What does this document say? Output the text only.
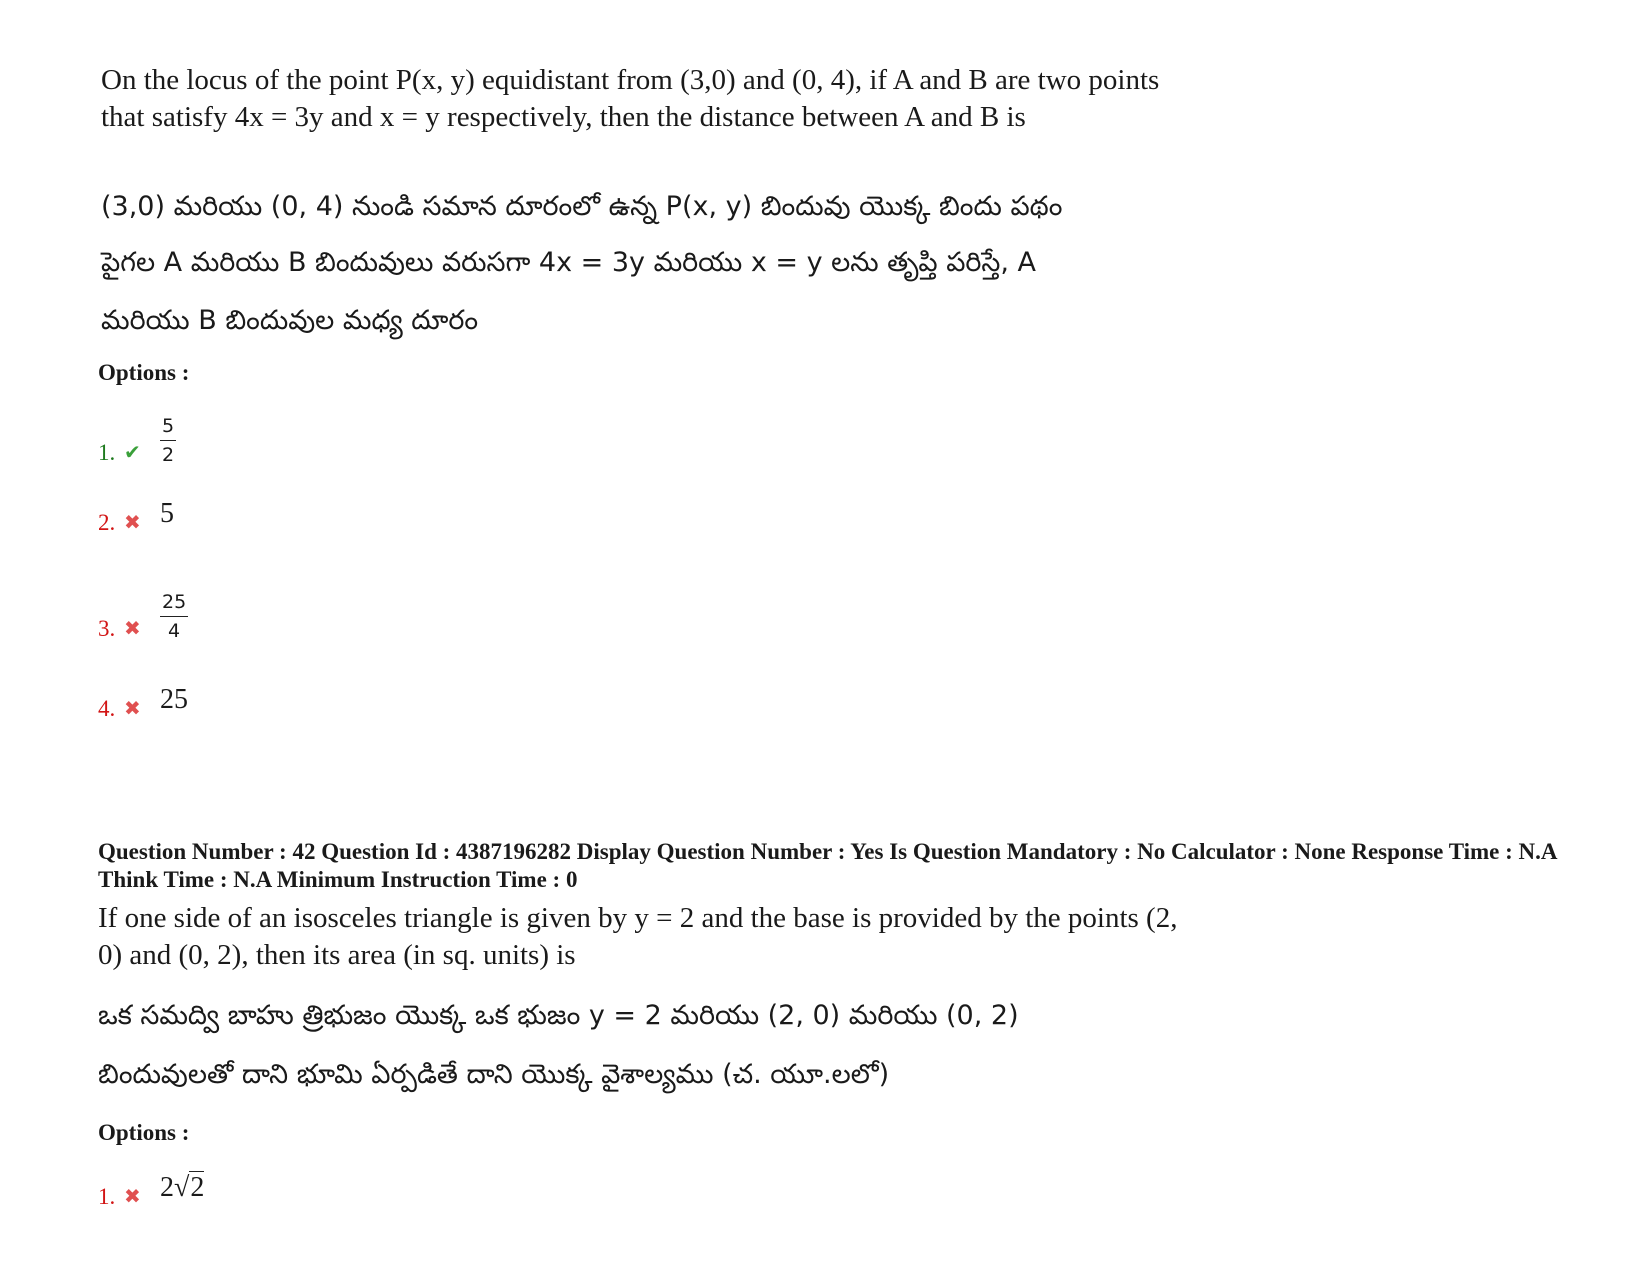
On the locus of the point P(x, y) equidistant from (3,0) and (0, 4), if A and B are two points that satisfy 4x = 3y and x = y respectively, then the distance between A and B is
(3,0) మరియు (0, 4) నుండి సమాన దూరంలో ఉన్న P(x, y) బిందువు యొక్క బిందు పథం
పైగల A మరియు B బిందువులు వరుసగా 4x = 3y మరియు x = y లను తృప్తి పరిస్తే, A
మరియు B బిందువుల మధ్య దూరం
Options :
1. ✔ $\frac{5}{2}$
2. ✖ 5
3. ✖ $\frac{25}{4}$
4. ✖ 25
Question Number : 42 Question Id : 4387196282 Display Question Number : Yes Is Question Mandatory : No Calculator : None Response Time : N.A Think Time : N.A Minimum Instruction Time : 0
If one side of an isosceles triangle is given by y = 2 and the base is provided by the points (2, 0) and (0, 2), then its area (in sq. units) is
ఒక సమద్వి బాహు త్రిభుజం యొక్క ఒక భుజం y = 2 మరియు (2, 0) మరియు (0, 2)
బిందువులతో దాని భూమి ఏర్పడితే దాని యొక్క వైశాల్యము (చ. యూ.లలో)
Options :
1. ✖ 2√2
